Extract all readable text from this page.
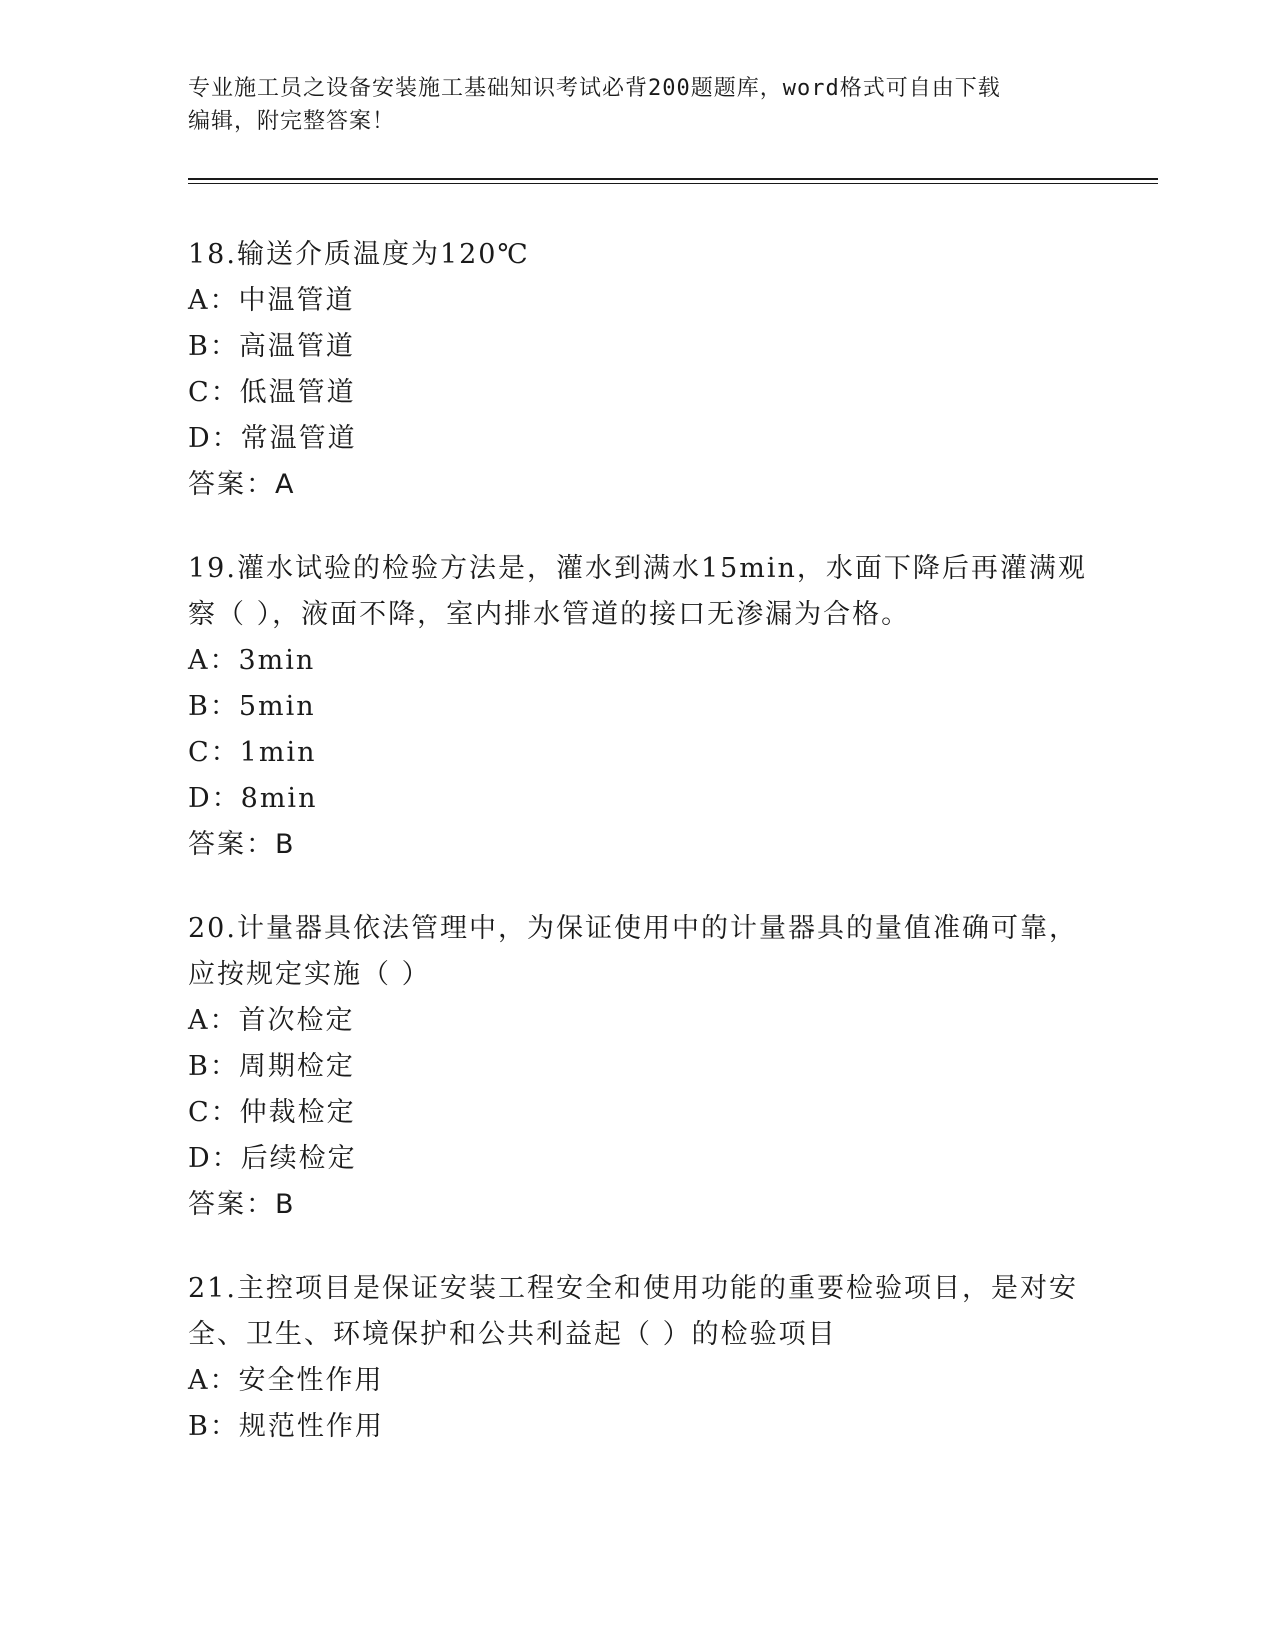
专业施工员之设备安装施工基础知识考试必背200题题库，word格式可自由下载
编辑，附完整答案！
18.输送介质温度为120℃
A：中温管道
B：高温管道
C：低温管道
D：常温管道
答案：A
19.灌水试验的检验方法是，灌水到满水15min，水面下降后再灌满观
察（ ），液面不降，室内排水管道的接口无渗漏为合格。
A：3min
B：5min
C：1min
D：8min
答案：B
20.计量器具依法管理中，为保证使用中的计量器具的量值准确可靠，
应按规定实施（ ）
A：首次检定
B：周期检定
C：仲裁检定
D：后续检定
答案：B
21.主控项目是保证安装工程安全和使用功能的重要检验项目，是对安
全、卫生、环境保护和公共利益起（ ）的检验项目
A：安全性作用
B：规范性作用
